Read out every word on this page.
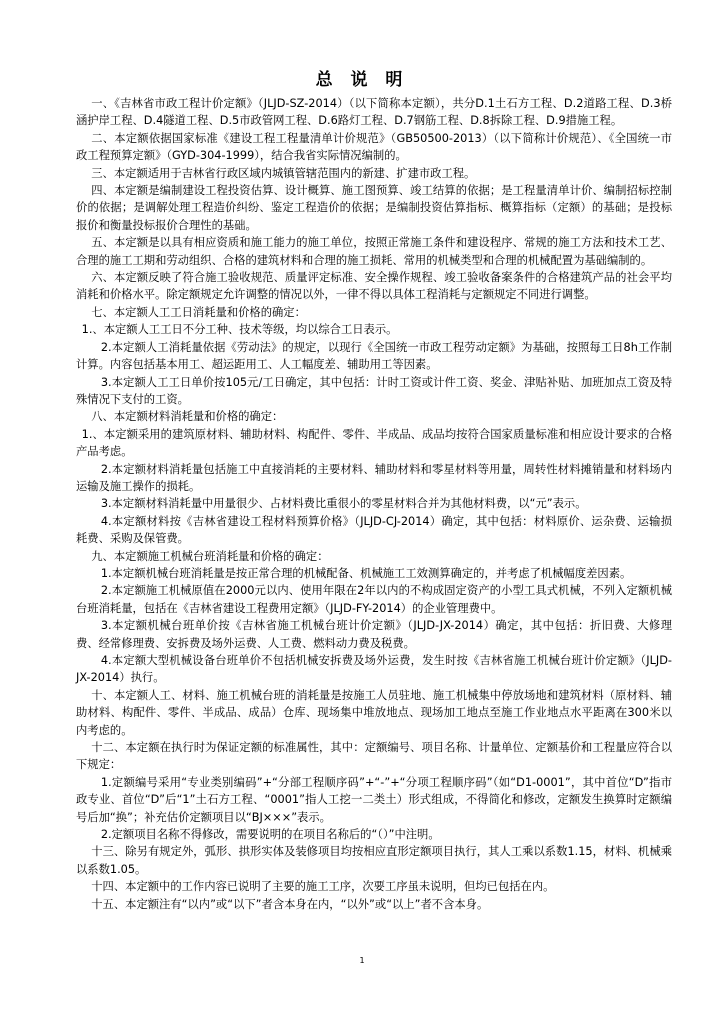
总 说 明

一、《吉林省市政工程计价定额》（JLJD-SZ-2014）（以下简称本定额），共分D.1土石方工程、D.2道路工程、D.3桥涵护岸工程、D.4隧道工程、D.5市政管网工程、D.6路灯工程、D.7钢筋工程、D.8拆除工程、D.9措施工程。

二、本定额依据国家标准《建设工程工程量清单计价规范》（GB50500-2013）（以下简称计价规范）、《全国统一市政工程预算定额》（GYD-304-1999），结合我省实际情况编制的。

三、本定额适用于吉林省行政区域内城镇管辖范围内的新建、扩建市政工程。

四、本定额是编制建设工程投资估算、设计概算、施工图预算、竣工结算的依据；是工程量清单计价、编制招标控制价的依据；是调解处理工程造价纠纷、鉴定工程造价的依据；是编制投资估算指标、概算指标（定额）的基础；是投标报价和衡量投标报价合理性的基础。

五、本定额是以具有相应资质和施工能力的施工单位，按照正常施工条件和建设程序、常规的施工方法和技术工艺、合理的施工工期和劳动组织、合格的建筑材料和合理的施工损耗、常用的机械类型和合理的机械配置为基础编制的。

六、本定额反映了符合施工验收规范、质量评定标准、安全操作规程、竣工验收备案条件的合格建筑产品的社会平均消耗和价格水平。除定额规定允许调整的情况以外，一律不得以具体工程消耗与定额规定不同进行调整。

七、本定额人工工日消耗量和价格的确定：

1.、本定额人工工日不分工种、技术等级，均以综合工日表示。

2.本定额人工消耗量依据《劳动法》的规定，以现行《全国统一市政工程劳动定额》为基础，按照每工日8h工作制计算。内容包括基本用工、超运距用工、人工幅度差、辅助用工等因素。

3.本定额人工工日单价按105元/工日确定，其中包括：计时工资或计件工资、奖金、津贴补贴、加班加点工资及特殊情况下支付的工资。

八、本定额材料消耗量和价格的确定：

1.、本定额采用的建筑原材料、辅助材料、构配件、零件、半成品、成品均按符合国家质量标准和相应设计要求的合格产品考虑。

2.本定额材料消耗量包括施工中直接消耗的主要材料、辅助材料和零星材料等用量，周转性材料摊销量和材料场内运输及施工操作的损耗。

3.本定额材料消耗量中用量很少、占材料费比重很小的零星材料合并为其他材料费，以“元”表示。

4.本定额材料按《吉林省建设工程材料预算价格》（JLJD-CJ-2014）确定，其中包括：材料原价、运杂费、运输损耗费、采购及保管费。

九、本定额施工机械台班消耗量和价格的确定：

1.本定额机械台班消耗量是按正常合理的机械配备、机械施工工效测算确定的，并考虑了机械幅度差因素。

2.本定额施工机械原值在2000元以内、使用年限在2年以内的不构成固定资产的小型工具式机械，不列入定额机械台班消耗量，包括在《吉林省建设工程费用定额》（JLJD-FY-2014）的企业管理费中。

3.本定额机械台班单价按《吉林省施工机械台班计价定额》（JLJD-JX-2014）确定，其中包括：折旧费、大修理费、经常修理费、安拆费及场外运费、人工费、燃料动力费及税费。

4.本定额大型机械设备台班单价不包括机械安拆费及场外运费，发生时按《吉林省施工机械台班计价定额》（JLJD-JX-2014）执行。

十、本定额人工、材料、施工机械台班的消耗量是按施工人员驻地、施工机械集中停放场地和建筑材料（原材料、辅助材料、构配件、零件、半成品、成品）仓库、现场集中堆放地点、现场加工地点至施工作业地点水平距离在300米以内考虑的。

十二、本定额在执行时为保证定额的标准属性，其中：定额编号、项目名称、计量单位、定额基价和工程量应符合以下规定：

1.定额编号采用“专业类别编码”+“分部工程顺序码”+“-”+“分项工程顺序码”（如“D1-0001”，其中首位“D”指市政专业、首位“D”后“1”土石方工程、“0001”指人工挖一二类土）形式组成，不得简化和修改，定额发生换算时定额编号后加“换”；补充估价定额项目以“BJ×××”表示。

2.定额项目名称不得修改，需要说明的在项目名称后的“（）”中注明。

十三、除另有规定外，弧形、拱形实体及装修项目均按相应直形定额项目执行，其人工乘以系数1.15，材料、机械乘以系数1.05。

十四、本定额中的工作内容已说明了主要的施工工序，次要工序虽未说明，但均已包括在内。

十五、本定额注有“以内”或“以下”者含本身在内，“以外”或“以上”者不含本身。

1
